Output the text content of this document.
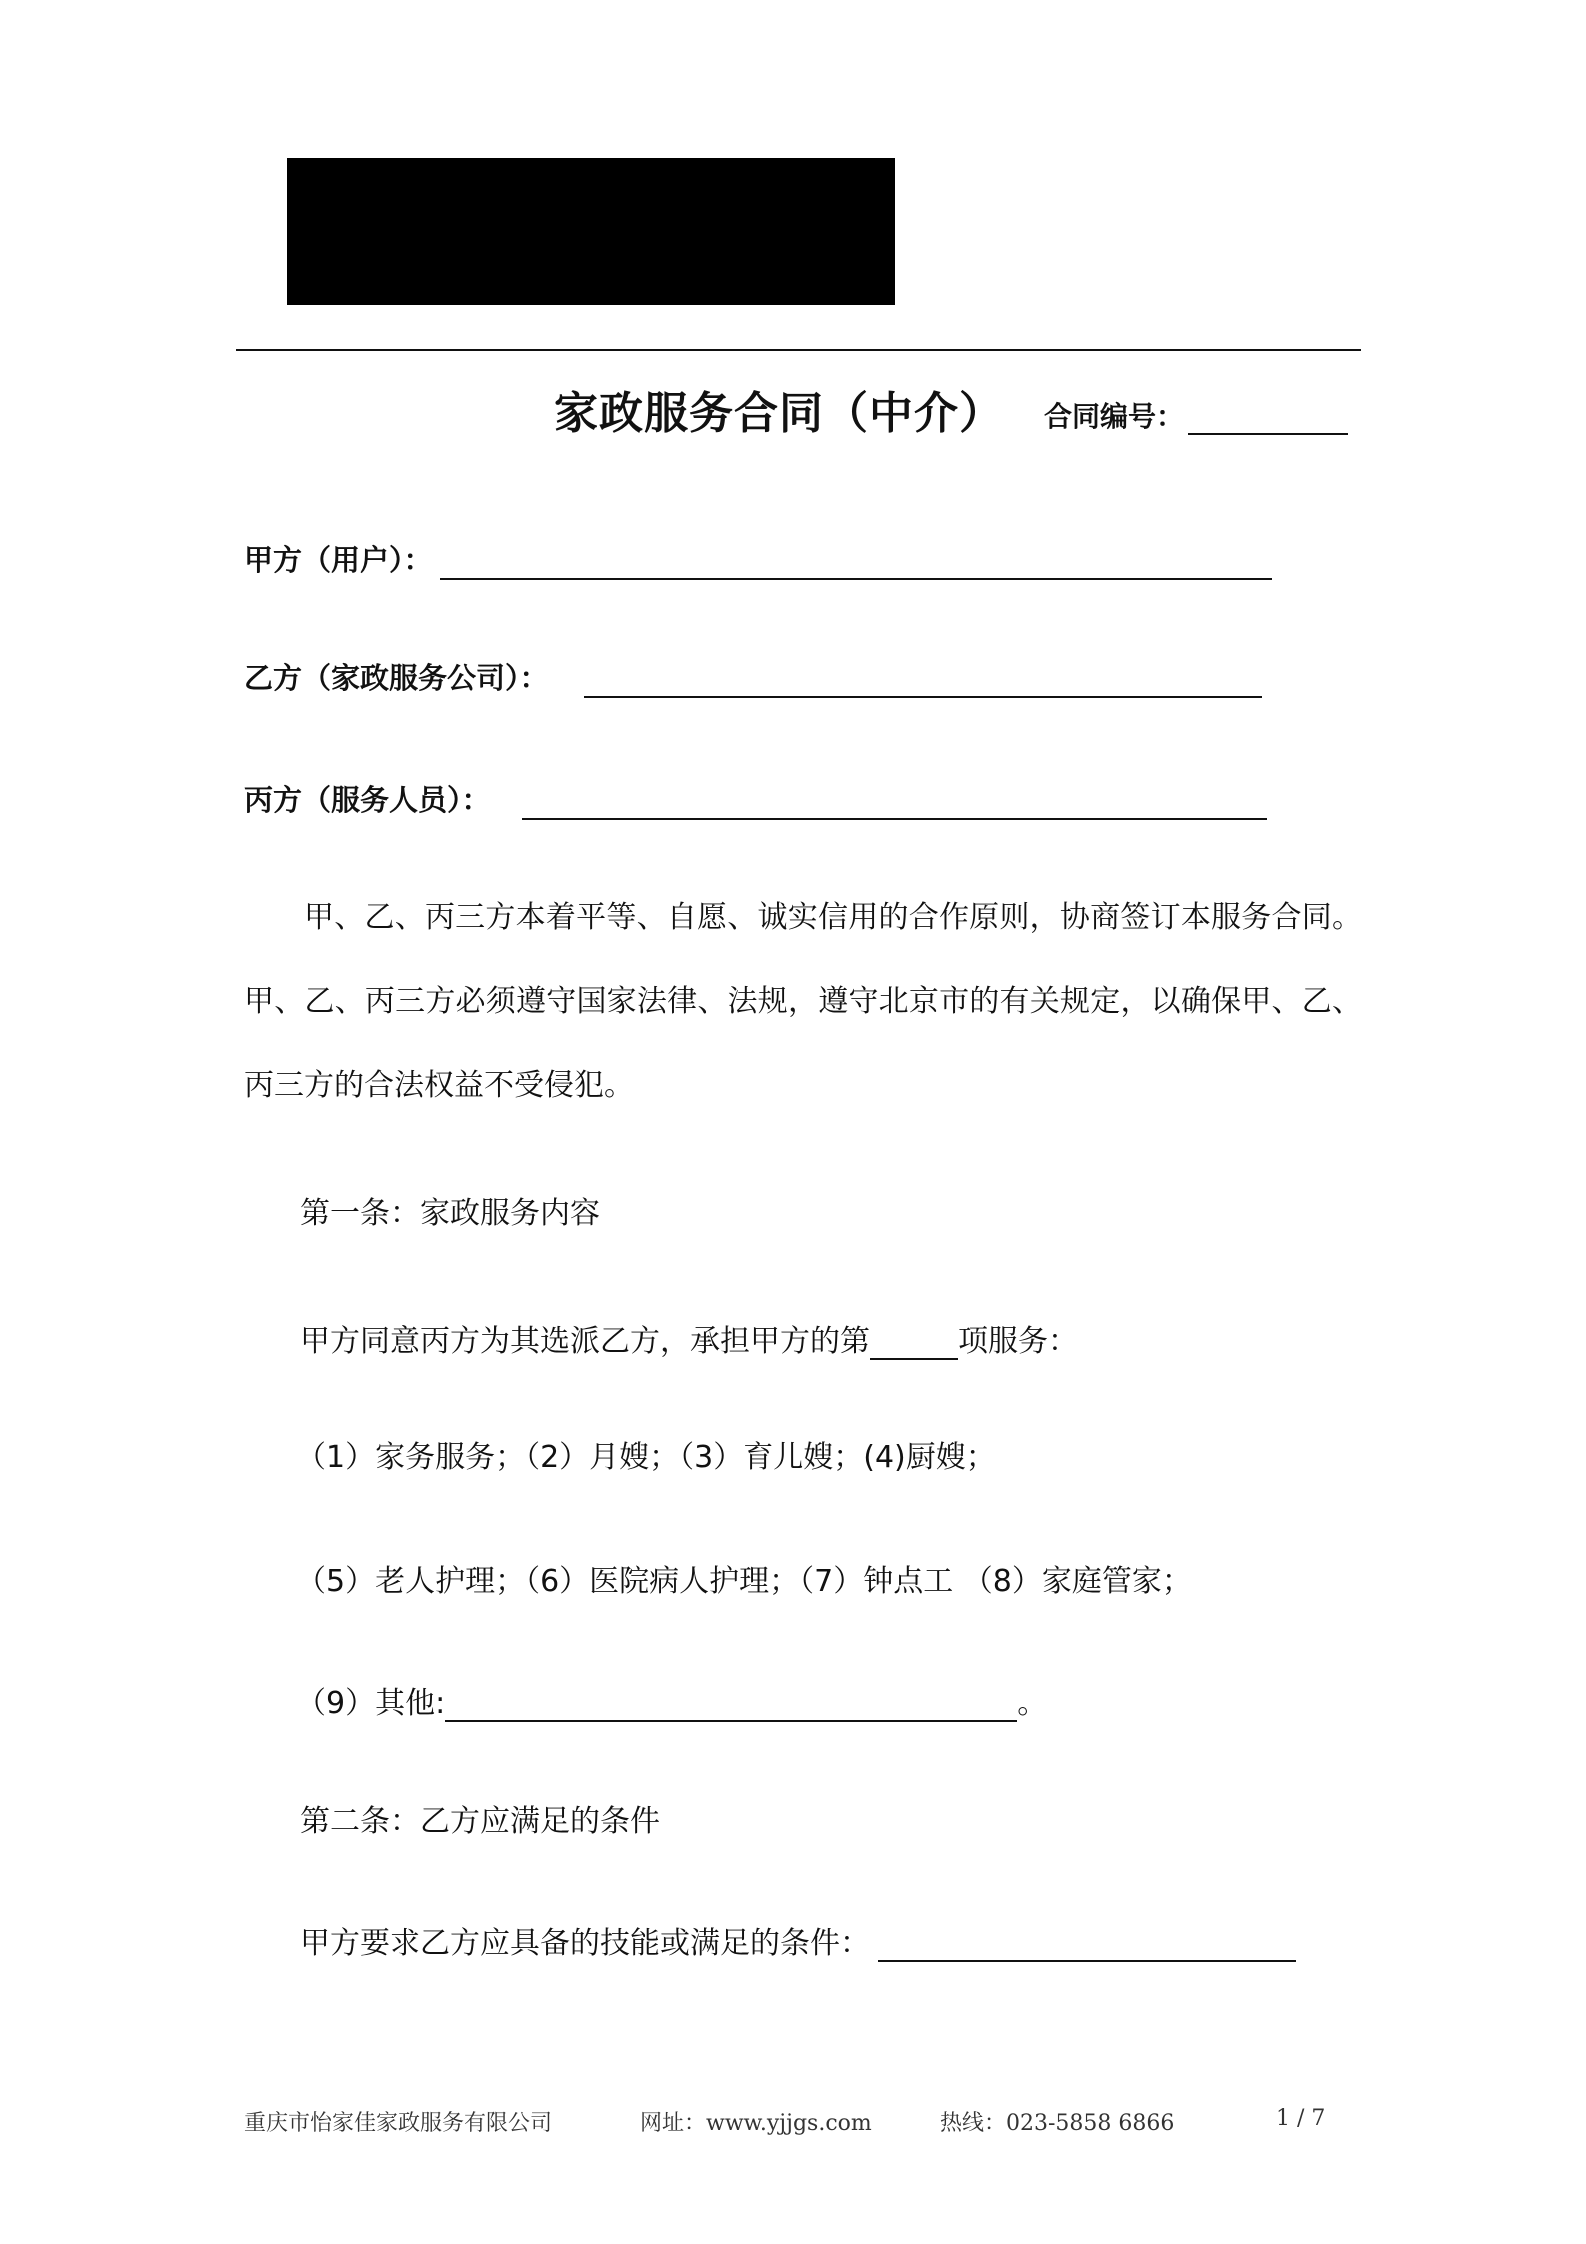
家政服务合同（中介） 合同编号：
甲方（用户）：
乙方（家政服务公司）：
丙方（服务人员）：
甲、乙、丙三方本着平等、自愿、诚实信用的合作原则，协商签订本服务合同。甲、乙、丙三方必须遵守国家法律、法规，遵守北京市的有关规定，以确保甲、乙、丙三方的合法权益不受侵犯。
第一条：家政服务内容
甲方同意丙方为其选派乙方，承担甲方的第	项服务：
（1）家务服务；（2）月嫂；（3）育儿嫂；(4)厨嫂；
（5）老人护理；（6）医院病人护理；（7）钟点工 （8）家庭管家；
（9）其他:	。
第二条：乙方应满足的条件
甲方要求乙方应具备的技能或满足的条件：
重庆市怡家佳家政服务有限公司	网址：www.yjjgs.com	热线：023-5858 6866	1 / 7
